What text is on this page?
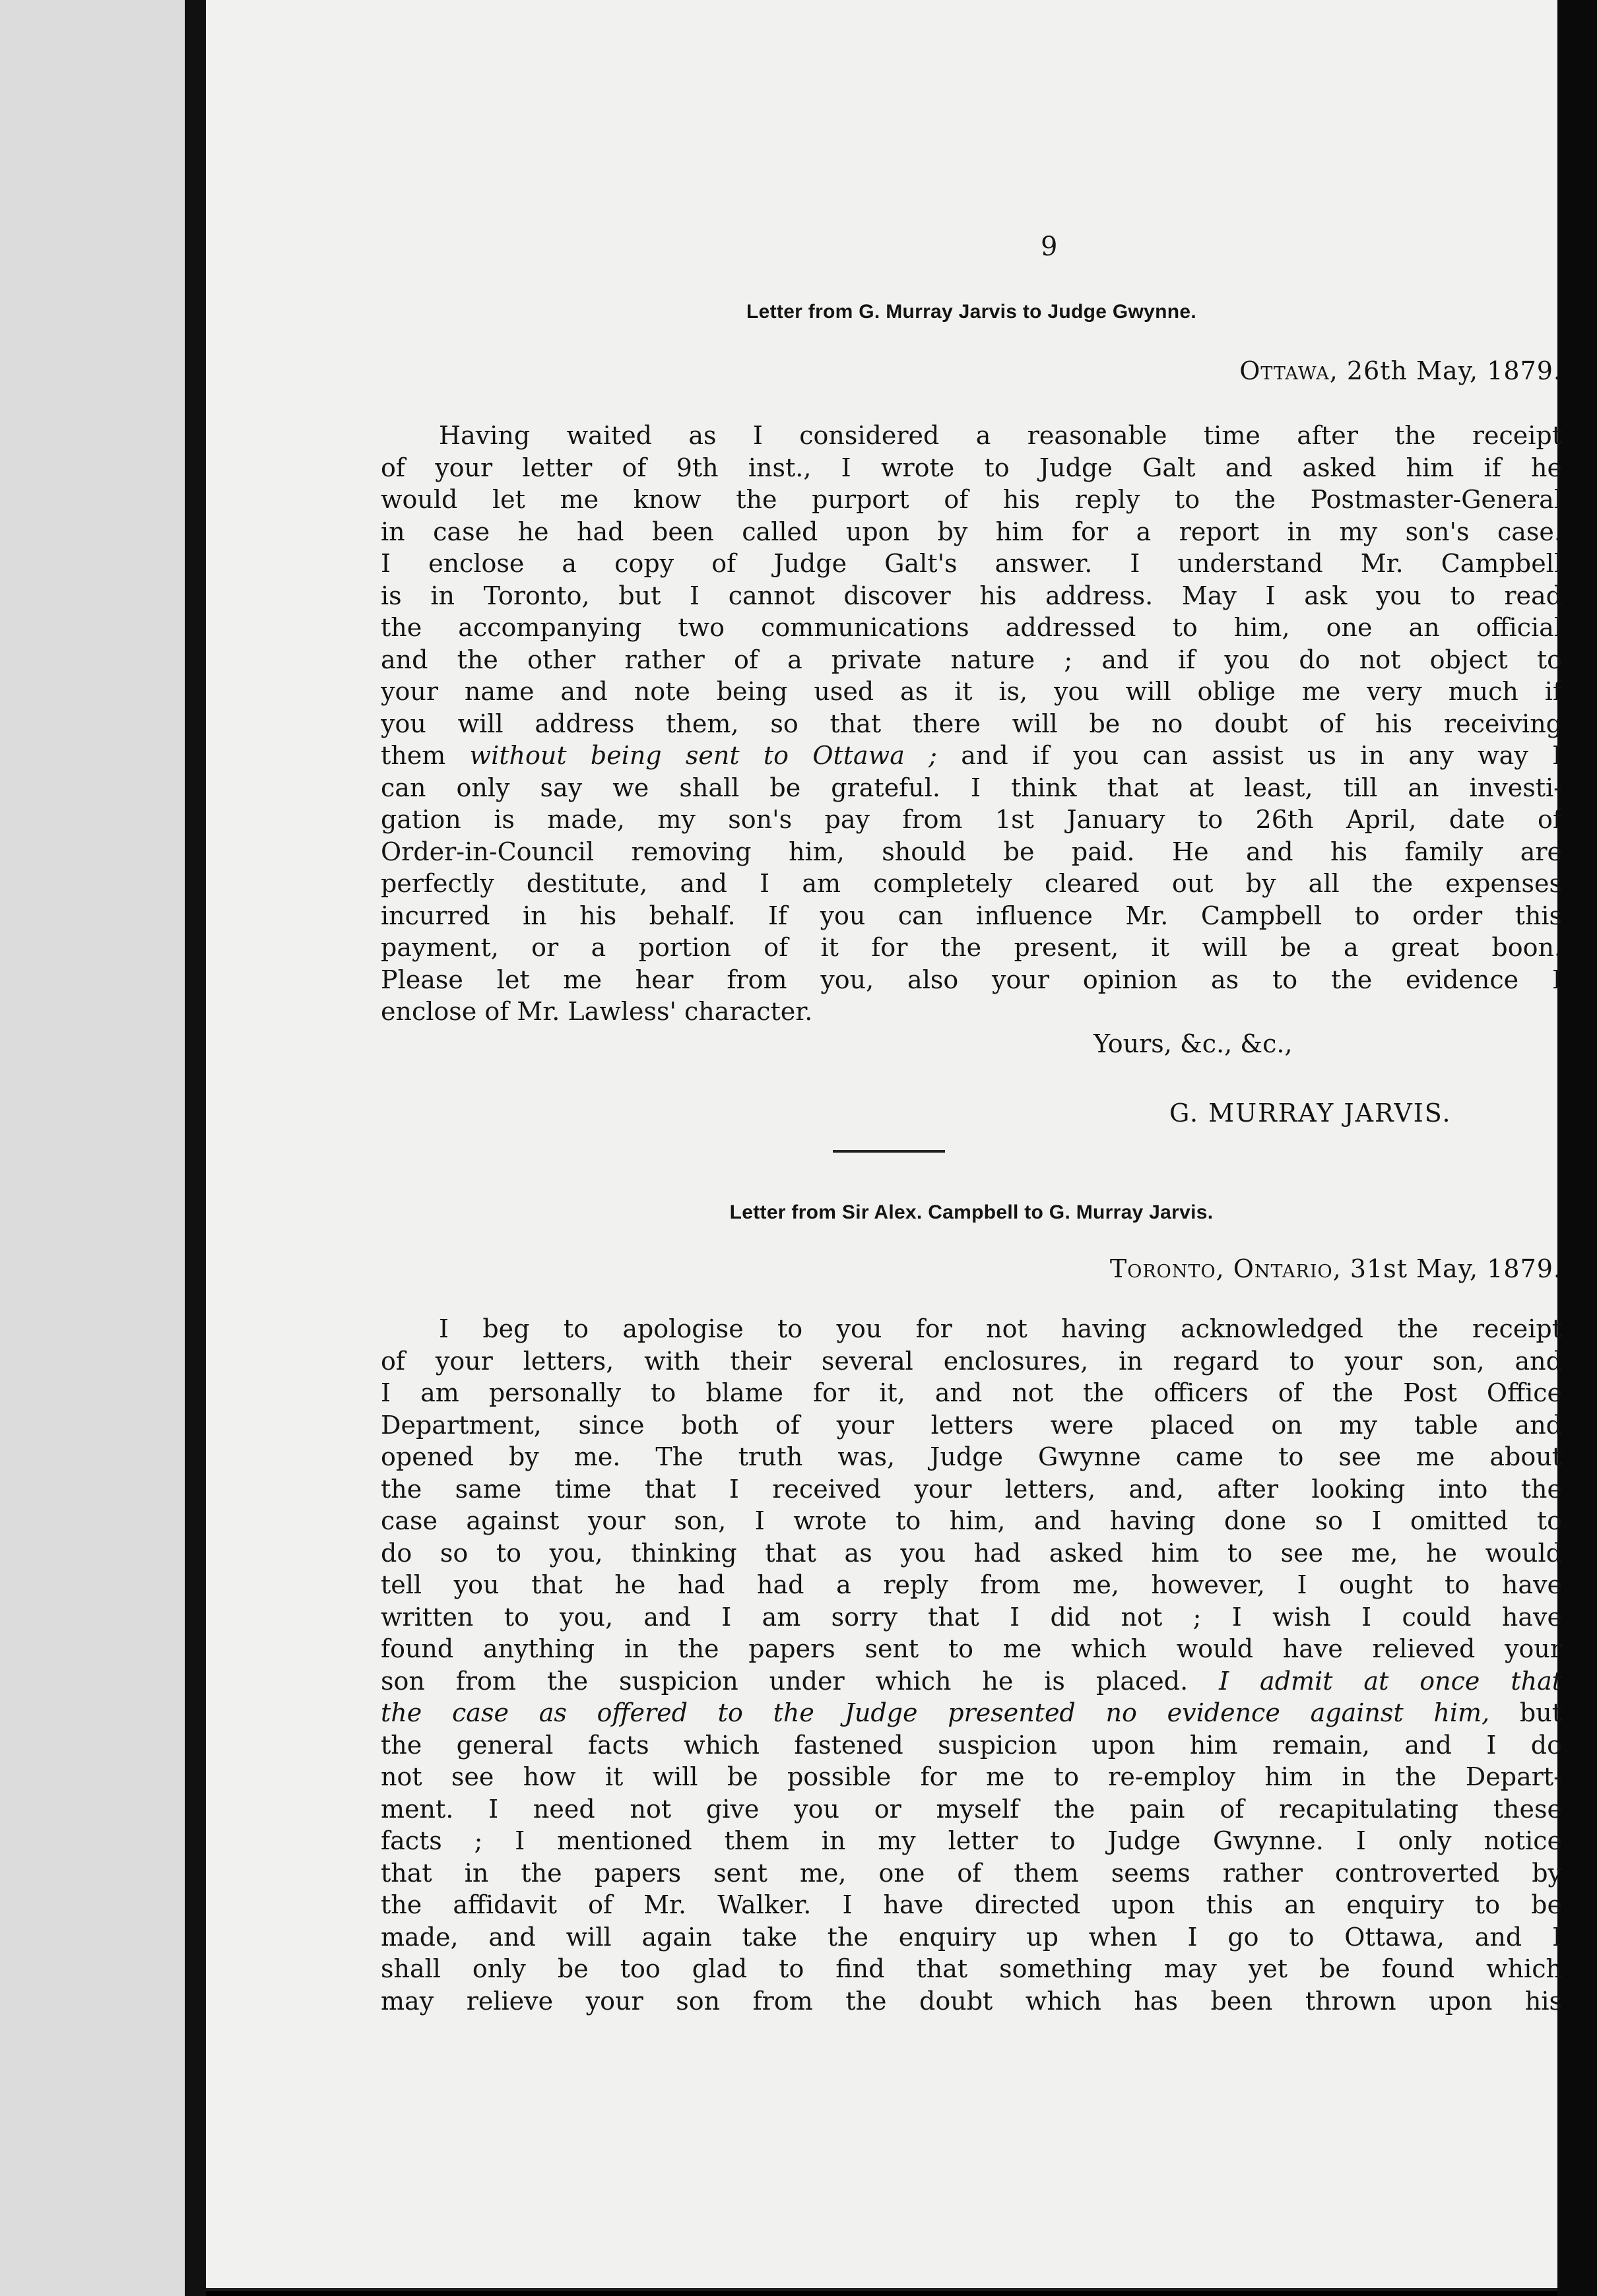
9
Letter from G. Murray Jarvis to Judge Gwynne.
Ottawa, 26th May, 1879.
Having waited as I considered a reasonable time after the receipt
of your letter of 9th inst., I wrote to Judge Galt and asked him if he
would let me know the purport of his reply to the Postmaster-General
in case he had been called upon by him for a report in my son's case.
I enclose a copy of Judge Galt's answer. I understand Mr. Campbell
is in Toronto, but I cannot discover his address. May I ask you to read
the accompanying two communications addressed to him, one an official
and the other rather of a private nature ; and if you do not object to
your name and note being used as it is, you will oblige me very much if
you will address them, so that there will be no doubt of his receiving
them without being sent to Ottawa ; and if you can assist us in any way I
can only say we shall be grateful. I think that at least, till an investi-
gation is made, my son's pay from 1st January to 26th April, date of
Order-in-Council removing him, should be paid. He and his family are
perfectly destitute, and I am completely cleared out by all the expenses
incurred in his behalf. If you can influence Mr. Campbell to order this
payment, or a portion of it for the present, it will be a great boon.
Please let me hear from you, also your opinion as to the evidence I
enclose of Mr. Lawless' character.
Yours, &c., &c.,
G. MURRAY JARVIS.
Letter from Sir Alex. Campbell to G. Murray Jarvis.
Toronto, Ontario, 31st May, 1879.
I beg to apologise to you for not having acknowledged the receipt
of your letters, with their several enclosures, in regard to your son, and
I am personally to blame for it, and not the officers of the Post Office
Department, since both of your letters were placed on my table and
opened by me. The truth was, Judge Gwynne came to see me about
the same time that I received your letters, and, after looking into the
case against your son, I wrote to him, and having done so I omitted to
do so to you, thinking that as you had asked him to see me, he would
tell you that he had had a reply from me, however, I ought to have
written to you, and I am sorry that I did not ; I wish I could have
found anything in the papers sent to me which would have relieved your
son from the suspicion under which he is placed. I admit at once that
the case as offered to the Judge presented no evidence against him, but
the general facts which fastened suspicion upon him remain, and I do
not see how it will be possible for me to re-employ him in the Depart-
ment. I need not give you or myself the pain of recapitulating these
facts ; I mentioned them in my letter to Judge Gwynne. I only notice
that in the papers sent me, one of them seems rather controverted by
the affidavit of Mr. Walker. I have directed upon this an enquiry to be
made, and will again take the enquiry up when I go to Ottawa, and I
shall only be too glad to find that something may yet be found which
may relieve your son from the doubt which has been thrown upon his
